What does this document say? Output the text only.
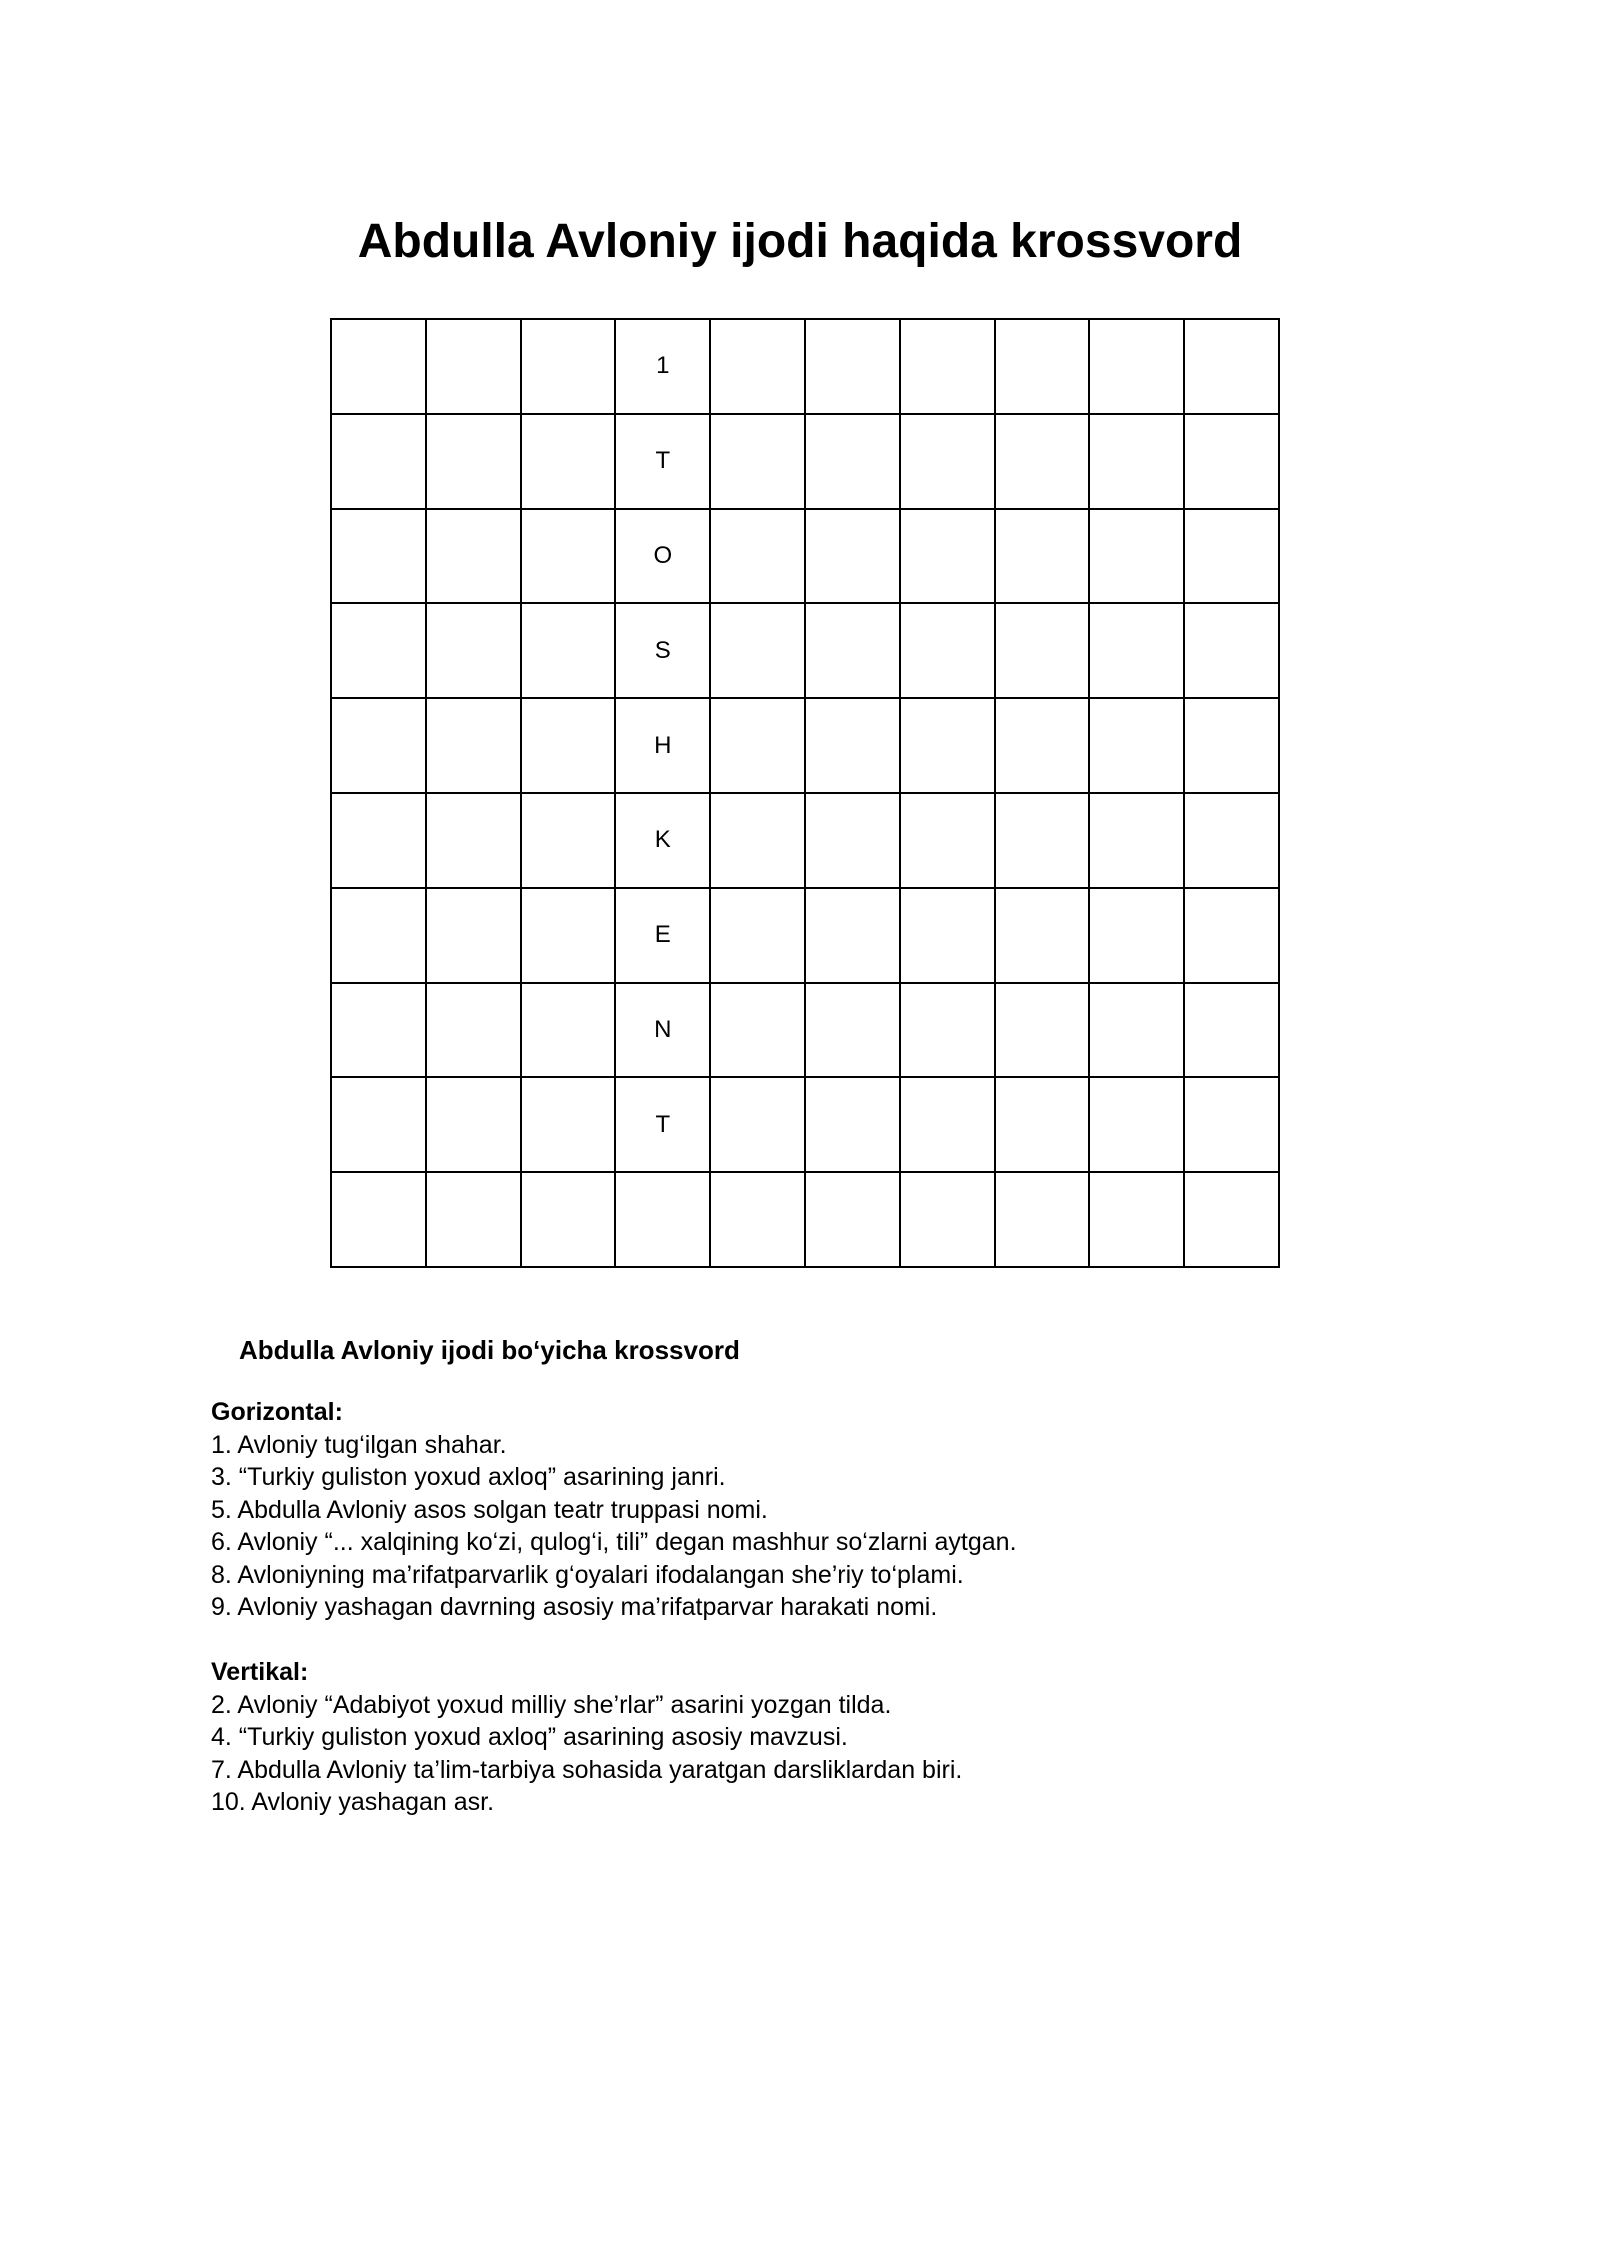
Abdulla Avloniy ijodi haqida krossvord
1
T
O
S
H
K
E
N
T

Abdulla Avloniy ijodi bo‘yicha krossvord

Gorizontal:

1. Avloniy tug‘ilgan shahar.

3. “Turkiy guliston yoxud axloq” asarining janri.

5. Abdulla Avloniy asos solgan teatr truppasi nomi.

6. Avloniy “... xalqining ko‘zi, qulog‘i, tili” degan mashhur so‘zlarni aytgan.

8. Avloniyning ma’rifatparvarlik g‘oyalari ifodalangan she’riy to‘plami.

9. Avloniy yashagan davrning asosiy ma’rifatparvar harakati nomi.

Vertikal:

2. Avloniy “Adabiyot yoxud milliy she’rlar” asarini yozgan tilda.

4. “Turkiy guliston yoxud axloq” asarining asosiy mavzusi.

7. Abdulla Avloniy ta’lim-tarbiya sohasida yaratgan darsliklardan biri.

10. Avloniy yashagan asr.
